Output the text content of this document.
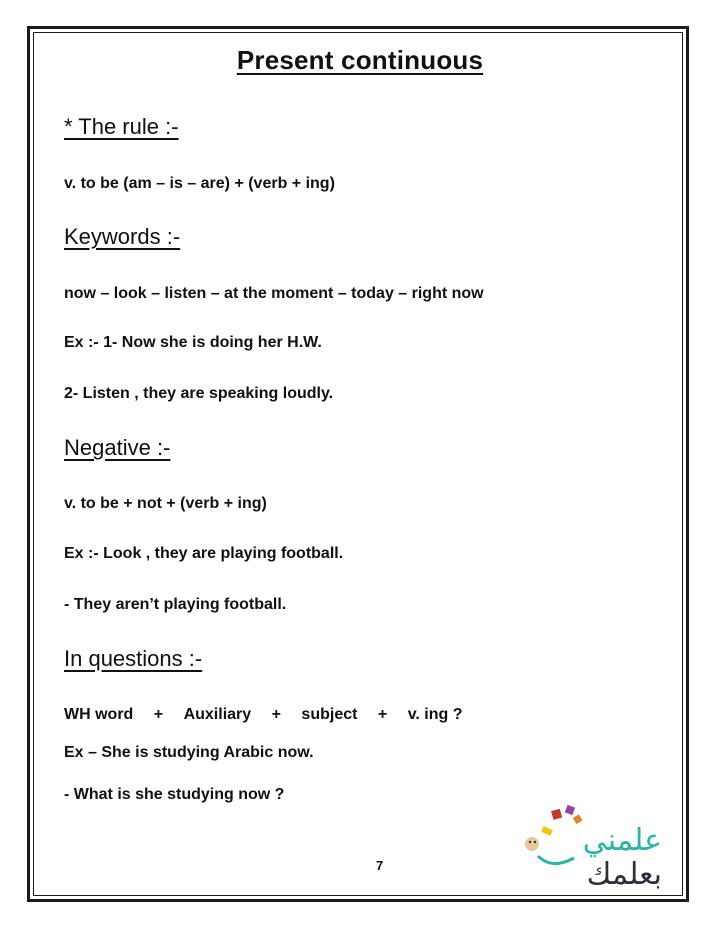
Present continuous
* The rule :-
v. to be (am – is – are) + (verb + ing)
Keywords :-
now – look – listen – at the moment – today – right now
Ex :- 1- Now she is doing her H.W.
2- Listen , they are speaking loudly.
Negative :-
v. to be + not + (verb + ing)
Ex :- Look , they are playing football.
- They aren’t playing football.
In questions :-
WH word + Auxiliary + subject + v. ing ?
Ex – She is studying Arabic now.
- What is she studying now ?
7
علمني
بعلمك
